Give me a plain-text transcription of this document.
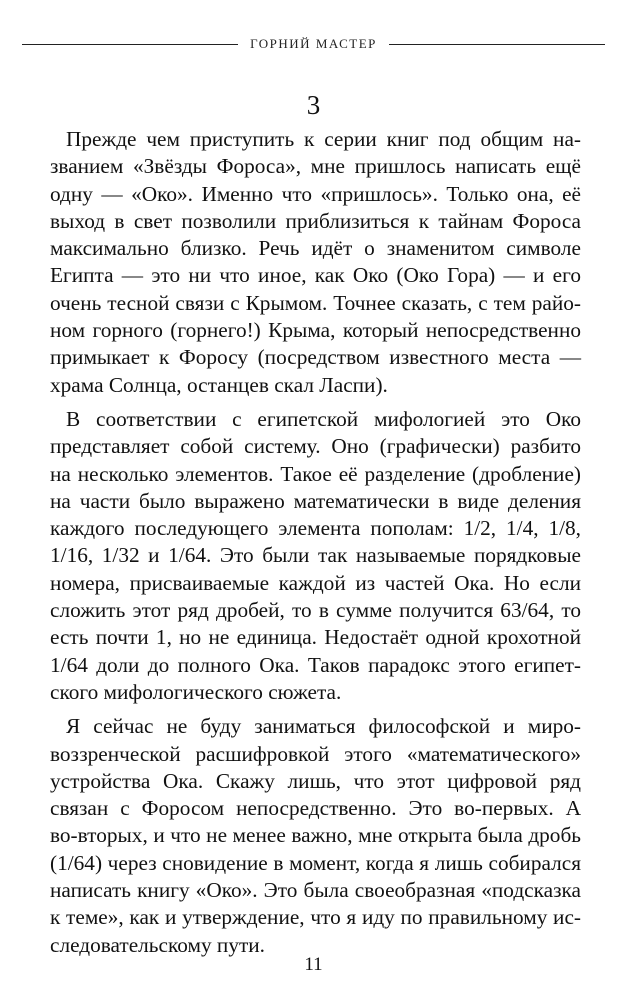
ГОРНИЙ МАСТЕР
3
Прежде чем приступить к серии книг под общим на-
званием «Звёзды Фороса», мне пришлось написать ещё
одну — «Око». Именно что «пришлось». Только она, её
выход в свет позволили приблизиться к тайнам Фороса
максимально близко. Речь идёт о знаменитом символе
Египта — это ни что иное, как Око (Око Гора) — и его
очень тесной связи с Крымом. Точнее сказать, с тем райо-
ном горного (горнего!) Крыма, который непосредственно
примыкает к Форосу (посредством известного места —
храма Солнца, останцев скал Ласпи).
В соответствии с египетской мифологией это Око
представляет собой систему. Оно (графически) разбито
на несколько элементов. Такое её разделение (дробление)
на части было выражено математически в виде деления
каждого последующего элемента пополам: 1/2, 1/4, 1/8,
1/16, 1/32 и 1/64. Это были так называемые порядковые
номера, присваиваемые каждой из частей Ока. Но если
сложить этот ряд дробей, то в сумме получится 63/64, то
есть почти 1, но не единица. Недостаёт одной крохотной
1/64 доли до полного Ока. Таков парадокс этого египет-
ского мифологического сюжета.
Я сейчас не буду заниматься философской и миро-
воззренческой расшифровкой этого «математического»
устройства Ока. Скажу лишь, что этот цифровой ряд
связан с Форосом непосредственно. Это во-первых. А
во-вторых, и что не менее важно, мне открыта была дробь
(1/64) через сновидение в момент, когда я лишь собирался
написать книгу «Око». Это была своеобразная «подсказка
к теме», как и утверждение, что я иду по правильному ис-
следовательскому пути.
11
